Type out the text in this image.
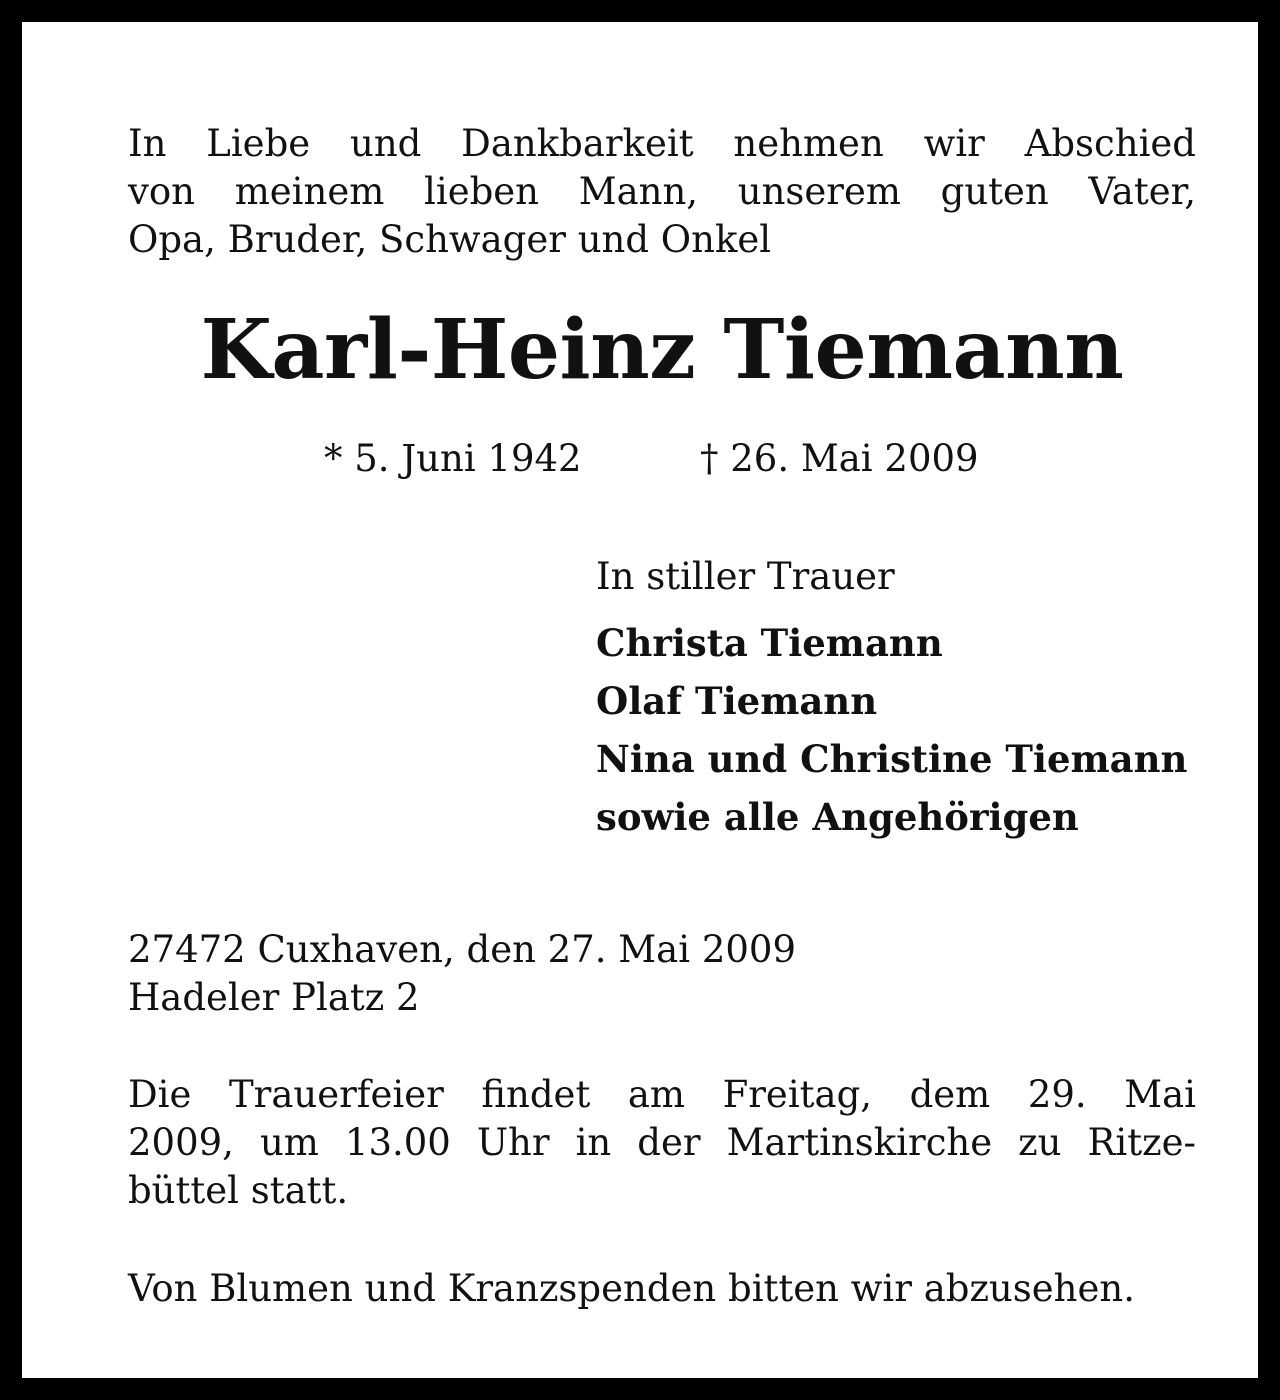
In Liebe und Dankbarkeit nehmen wir Abschied
von meinem lieben Mann, unserem guten Vater,
Opa, Bruder, Schwager und Onkel
Karl-Heinz Tiemann
* 5. Juni 1942	† 26. Mai 2009
In stiller Trauer
Christa Tiemann
Olaf Tiemann
Nina und Christine Tiemann
sowie alle Angehörigen
27472 Cuxhaven, den 27. Mai 2009
Hadeler Platz 2
Die Trauerfeier findet am Freitag, dem 29. Mai
2009, um 13.00 Uhr in der Martinskirche zu Ritze-
büttel statt.
Von Blumen und Kranzspenden bitten wir abzusehen.
